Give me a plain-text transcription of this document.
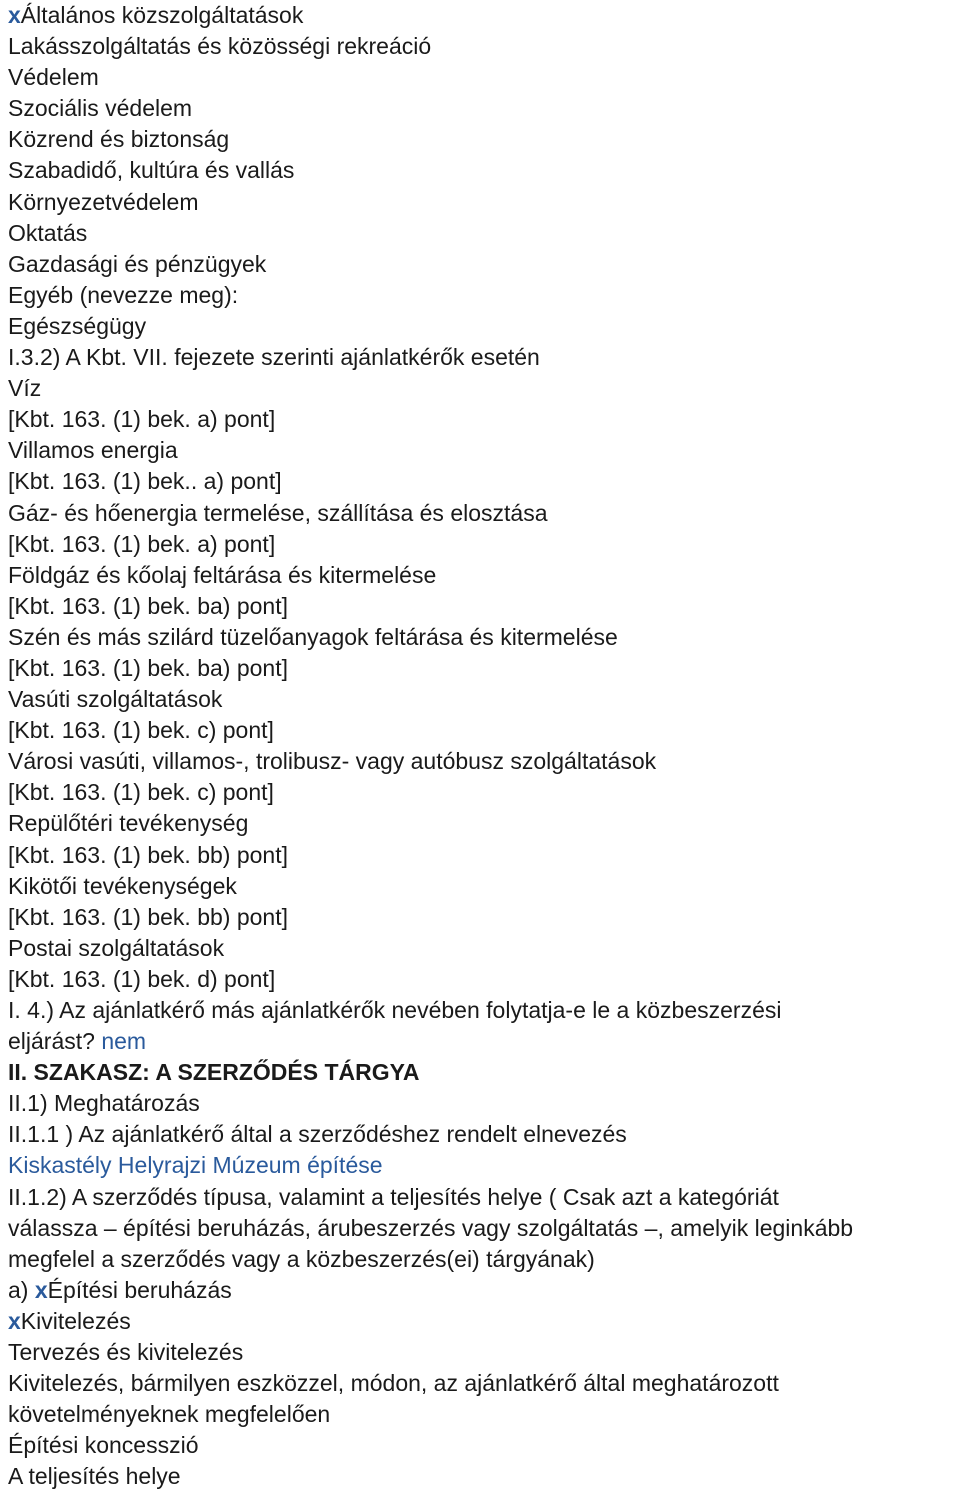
xÁltalános közszolgáltatások
Lakásszolgáltatás és közösségi rekreáció
Védelem
Szociális védelem
Közrend és biztonság
Szabadidő, kultúra és vallás
Környezetvédelem
Oktatás
Gazdasági és pénzügyek
Egyéb (nevezze meg):
Egészségügy
I.3.2) A Kbt. VII. fejezete szerinti ajánlatkérők esetén
Víz
[Kbt. 163. (1) bek. a) pont]
Villamos energia
[Kbt. 163. (1) bek.. a) pont]
Gáz- és hőenergia termelése, szállítása és elosztása
[Kbt. 163. (1) bek. a) pont]
Földgáz és kőolaj feltárása és kitermelése
[Kbt. 163. (1) bek. ba) pont]
Szén és más szilárd tüzelőanyagok feltárása és kitermelése
[Kbt. 163. (1) bek. ba) pont]
Vasúti szolgáltatások
[Kbt. 163. (1) bek. c) pont]
Városi vasúti, villamos-, trolibusz- vagy autóbusz szolgáltatások
[Kbt. 163. (1) bek. c) pont]
Repülőtéri tevékenység
[Kbt. 163. (1) bek. bb) pont]
Kikötői tevékenységek
[Kbt. 163. (1) bek. bb) pont]
Postai szolgáltatások
[Kbt. 163. (1) bek. d) pont]
I. 4.) Az ajánlatkérő más ajánlatkérők nevében folytatja-e le a közbeszerzési
eljárást? nem
II. SZAKASZ: A SZERZŐDÉS TÁRGYA
II.1) Meghatározás
II.1.1 ) Az ajánlatkérő által a szerződéshez rendelt elnevezés
Kiskastély Helyrajzi Múzeum építése
II.1.2) A szerződés típusa, valamint a teljesítés helye ( Csak azt a kategóriát
válassza – építési beruházás, árubeszerzés vagy szolgáltatás –, amelyik leginkább
megfelel a szerződés vagy a közbeszerzés(ei) tárgyának)
a) xÉpítési beruházás
xKivitelezés
Tervezés és kivitelezés
Kivitelezés, bármilyen eszközzel, módon, az ajánlatkérő által meghatározott
követelményeknek megfelelően
Építési koncesszió
A teljesítés helye
